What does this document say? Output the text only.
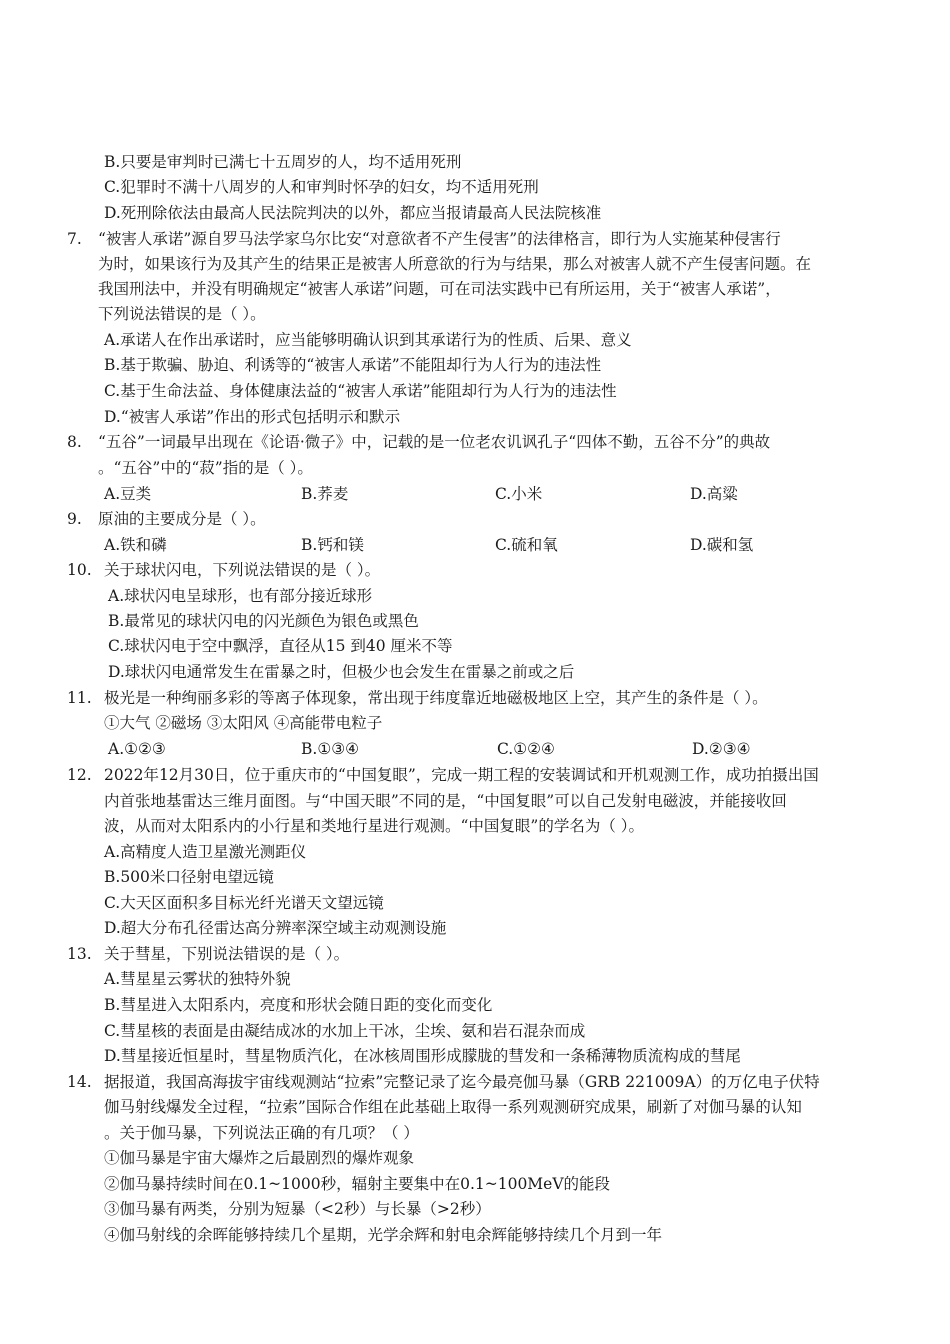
B.只要是审判时已满七十五周岁的人，均不适用死刑
C.犯罪时不满十八周岁的人和审判时怀孕的妇女，均不适用死刑
D.死刑除依法由最高人民法院判决的以外，都应当报请最高人民法院核准
7. “被害人承诺”源自罗马法学家乌尔比安“对意欲者不产生侵害”的法律格言，即行为人实施某种侵害行
为时，如果该行为及其产生的结果正是被害人所意欲的行为与结果，那么对被害人就不产生侵害问题。在
我国刑法中，并没有明确规定“被害人承诺”问题，可在司法实践中已有所运用，关于“被害人承诺”，
下列说法错误的是（ ）。
A.承诺人在作出承诺时，应当能够明确认识到其承诺行为的性质、后果、意义
B.基于欺骗、胁迫、利诱等的“被害人承诺”不能阻却行为人行为的违法性
C.基于生命法益、身体健康法益的“被害人承诺”能阻却行为人行为的违法性
D.“被害人承诺”作出的形式包括明示和默示
8. “五谷”一词最早出现在《论语·微子》中，记载的是一位老农讥讽孔子“四体不勤，五谷不分”的典故
。“五谷”中的“菽”指的是（ ）。
A.豆类	B.荞麦	C.小米	D.高粱
9. 原油的主要成分是（ ）。
A.铁和磷	B.钙和镁	C.硫和氧	D.碳和氢
10. 关于球状闪电，下列说法错误的是（ ）。
A.球状闪电呈球形，也有部分接近球形
B.最常见的球状闪电的闪光颜色为银色或黑色
C.球状闪电于空中飘浮，直径从15 到40 厘米不等
D.球状闪电通常发生在雷暴之时，但极少也会发生在雷暴之前或之后
11. 极光是一种绚丽多彩的等离子体现象，常出现于纬度靠近地磁极地区上空，其产生的条件是（ ）。
①大气 ②磁场 ③太阳风 ④高能带电粒子
A.①②③	B.①③④	C.①②④	D.②③④
12. 2022年12月30日，位于重庆市的“中国复眼”，完成一期工程的安装调试和开机观测工作，成功拍摄出国
内首张地基雷达三维月面图。与“中国天眼”不同的是，“中国复眼”可以自己发射电磁波，并能接收回
波，从而对太阳系内的小行星和类地行星进行观测。“中国复眼”的学名为（ ）。
A.高精度人造卫星激光测距仪
B.500米口径射电望远镜
C.大天区面积多目标光纤光谱天文望远镜
D.超大分布孔径雷达高分辨率深空域主动观测设施
13. 关于彗星，下别说法错误的是（ ）。
A.彗星星云雾状的独特外貌
B.彗星进入太阳系内，亮度和形状会随日距的变化而变化
C.彗星核的表面是由凝结成冰的水加上干冰，尘埃、氨和岩石混杂而成
D.彗星接近恒星时，彗星物质汽化，在冰核周围形成朦胧的彗发和一条稀薄物质流构成的彗尾
14. 据报道，我国高海拔宇宙线观测站“拉索”完整记录了迄今最亮伽马暴（GRB 221009A）的万亿电子伏特
伽马射线爆发全过程，“拉索”国际合作组在此基础上取得一系列观测研究成果，刷新了对伽马暴的认知
。关于伽马暴，下列说法正确的有几项？（ ）
①伽马暴是宇宙大爆炸之后最剧烈的爆炸观象
②伽马暴持续时间在0.1~1000秒，辐射主要集中在0.1~100MeV的能段
③伽马暴有两类，分别为短暴（<2秒）与长暴（>2秒）
④伽马射线的余晖能够持续几个星期，光学余辉和射电余辉能够持续几个月到一年
